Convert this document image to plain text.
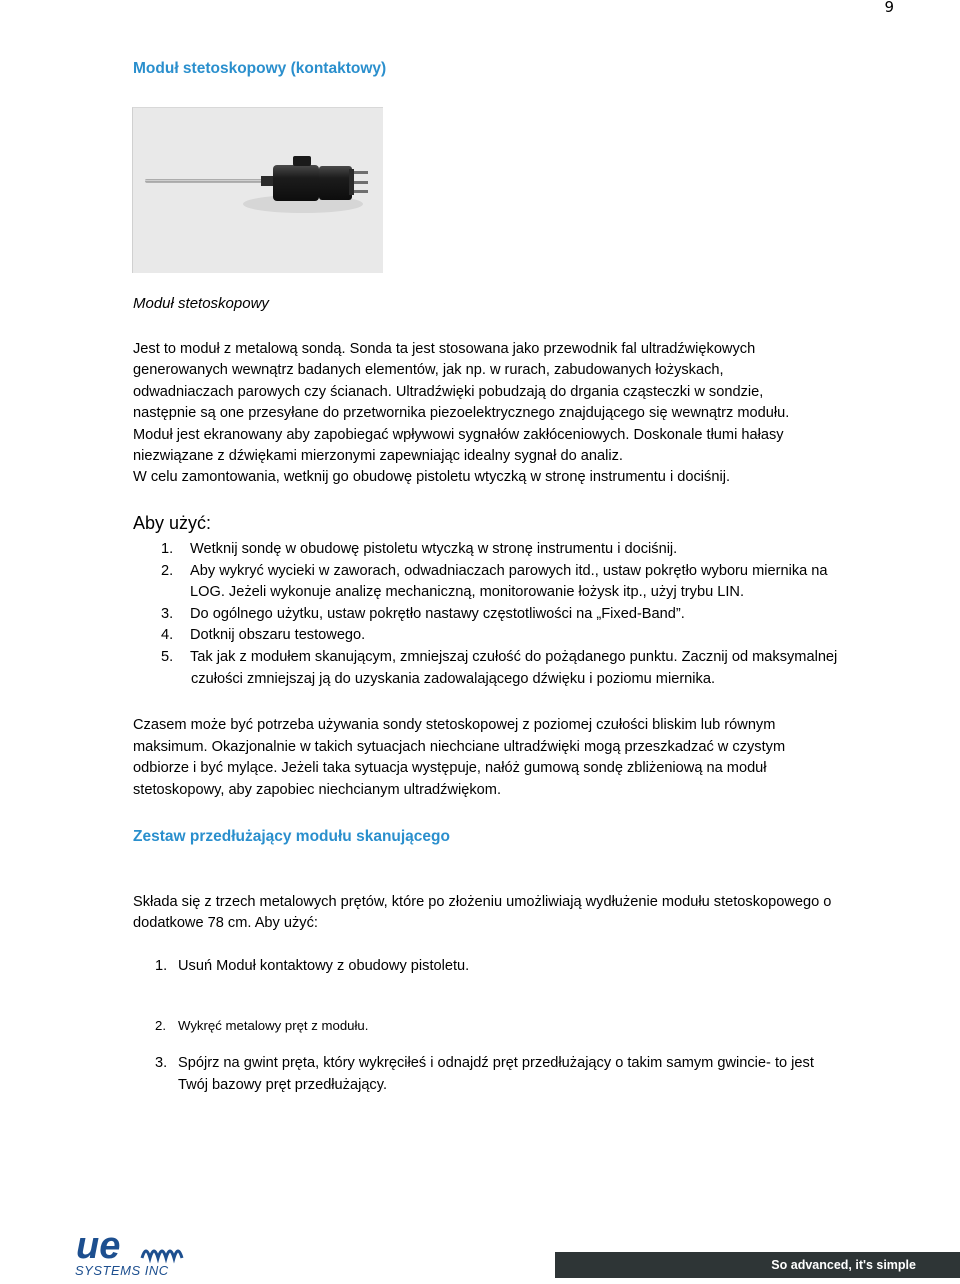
9
Moduł stetoskopowy (kontaktowy)
Moduł stetoskopowy
Jest to moduł z metalową sondą. Sonda ta jest stosowana jako przewodnik fal ultradźwiękowych
generowanych wewnątrz badanych elementów, jak np. w rurach, zabudowanych łożyskach,
odwadniaczach parowych czy ścianach. Ultradźwięki pobudzają do drgania cząsteczki w sondzie,
następnie są one przesyłane do przetwornika piezoelektrycznego znajdującego się wewnątrz modułu.
Moduł jest ekranowany aby zapobiegać wpływowi sygnałów zakłóceniowych. Doskonale tłumi hałasy
niezwiązane z dźwiękami mierzonymi zapewniając idealny sygnał do analiz.
W celu zamontowania, wetknij go obudowę pistoletu wtyczką w stronę instrumentu i dociśnij.
Aby użyć:
1. Wetknij sondę w obudowę pistoletu wtyczką w stronę instrumentu i dociśnij.
2. Aby wykryć wycieki w zaworach, odwadniaczach parowych itd., ustaw pokrętło wyboru miernika na
LOG. Jeżeli wykonuje analizę mechaniczną, monitorowanie łożysk itp., użyj trybu LIN.
3. Do ogólnego użytku, ustaw pokrętło nastawy częstotliwości na „Fixed-Band”.
4. Dotknij obszaru testowego.
5. Tak jak z modułem skanującym, zmniejszaj czułość do pożądanego punktu. Zacznij od maksymalnej
czułości zmniejszaj ją do uzyskania zadowalającego dźwięku i poziomu miernika.
Czasem może być potrzeba używania sondy stetoskopowej z poziomej czułości bliskim lub równym
maksimum. Okazjonalnie w takich sytuacjach niechciane ultradźwięki mogą przeszkadzać w czystym
odbiorze i być mylące. Jeżeli taka sytuacja występuje, nałóż gumową sondę zbliżeniową na moduł
stetoskopowy, aby zapobiec niechcianym ultradźwiękom.
Zestaw przedłużający modułu skanującego
Składa się z trzech metalowych prętów, które po złożeniu umożliwiają wydłużenie modułu stetoskopowego o
dodatkowe 78 cm. Aby użyć:
1. Usuń Moduł kontaktowy z obudowy pistoletu.
2. Wykręć metalowy pręt z modułu.
3. Spójrz na gwint pręta, który wykręciłeś i odnajdź pręt przedłużający o takim samym gwincie- to jest
Twój bazowy pręt przedłużający.
ue
SYSTEMS INC	So advanced, it's simple
